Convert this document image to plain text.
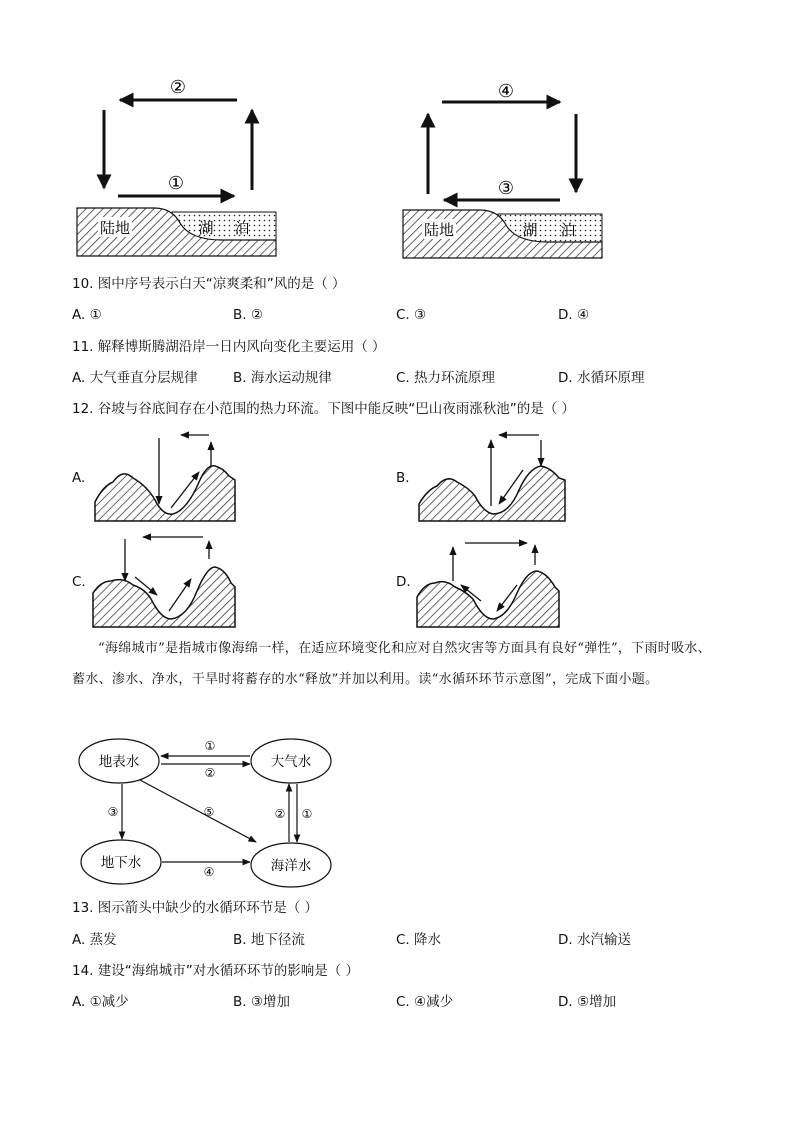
②
①
陆地	湖 泊
④
③
陆地	湖 泊
10. 图中序号表示白天“凉爽柔和”风的是（ ）
A. ①	B. ②	C. ③	D. ④
11. 解释博斯腾湖沿岸一日内风向变化主要运用（ ）
A. 大气垂直分层规律	B. 海水运动规律	C. 热力环流原理	D. 水循环原理
12. 谷坡与谷底间存在小范围的热力环流。下图中能反映“巴山夜雨涨秋池”的是（ ）
A.	B.
C.	D.
“海绵城市”是指城市像海绵一样，在适应环境变化和应对自然灾害等方面具有良好“弹性”，下雨时吸水、蓄水、渗水、净水，干旱时将蓄存的水“释放”并加以利用。读“水循环环节示意图”，完成下面小题。
地表水	大气水
地下水	海洋水
①
②
③	⑤	② ①
④
13. 图示箭头中缺少的水循环环节是（ ）
A. 蒸发	B. 地下径流	C. 降水	D. 水汽输送
14. 建设“海绵城市”对水循环环节的影响是（ ）
A. ①减少	B. ③增加	C. ④减少	D. ⑤增加
